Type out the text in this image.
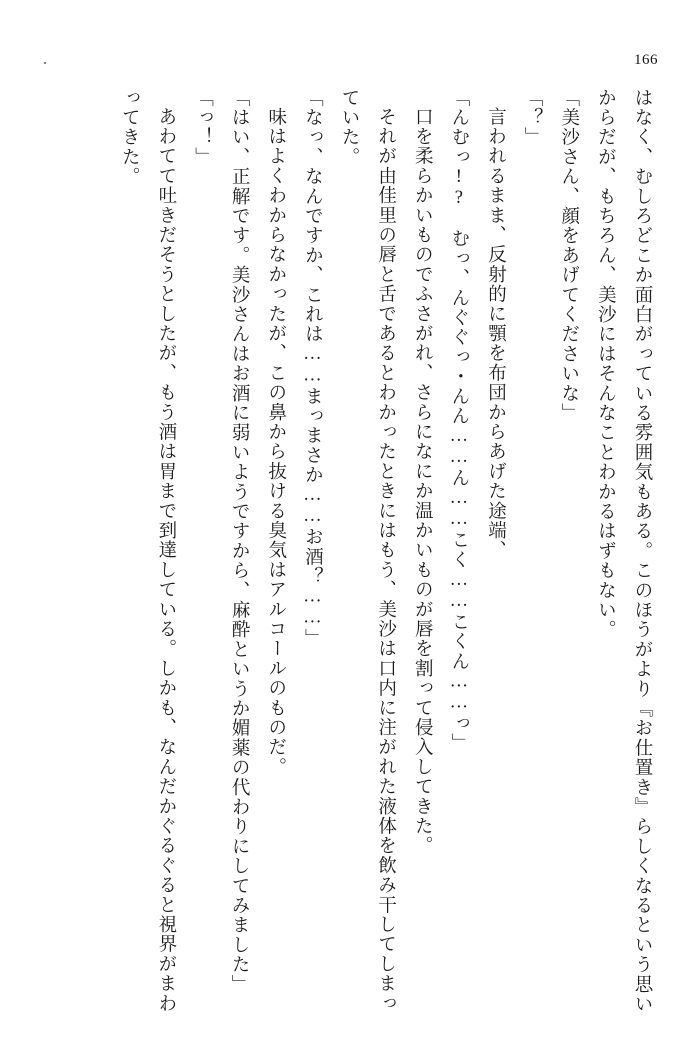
166

はなく、むしろどこか面白がっている雰囲気もある。このほうがより『お仕置き』らしくなるという思いからだが、もちろん、美沙にはそんなことわかるはずもない。

「美沙さん、顔をあげてくださいな」

「？」

言われるまま、反射的に顎を布団からあげた途端、

「んむっ!?　むっ、んぐぐっ・んん……ん……こく……こくん……っ」

口を柔らかいものでふさがれ、さらになにか温かいものが唇を割って侵入してきた。

それが由佳里の唇と舌であるとわかったときにはもう、美沙は口内に注がれた液体を飲み干してしまっていた。

「なっ、なんですか、これは……まっまさか……お酒？……」

味はよくわからなかったが、この鼻から抜ける臭気はアルコールのものだ。

「はい、正解です。美沙さんはお酒に弱いようですから、麻酔というか媚薬の代わりにしてみました」

「っ！」

あわてて吐きだそうとしたが、もう酒は胃まで到達している。しかも、なんだかぐるぐると視界がまわってきた。
